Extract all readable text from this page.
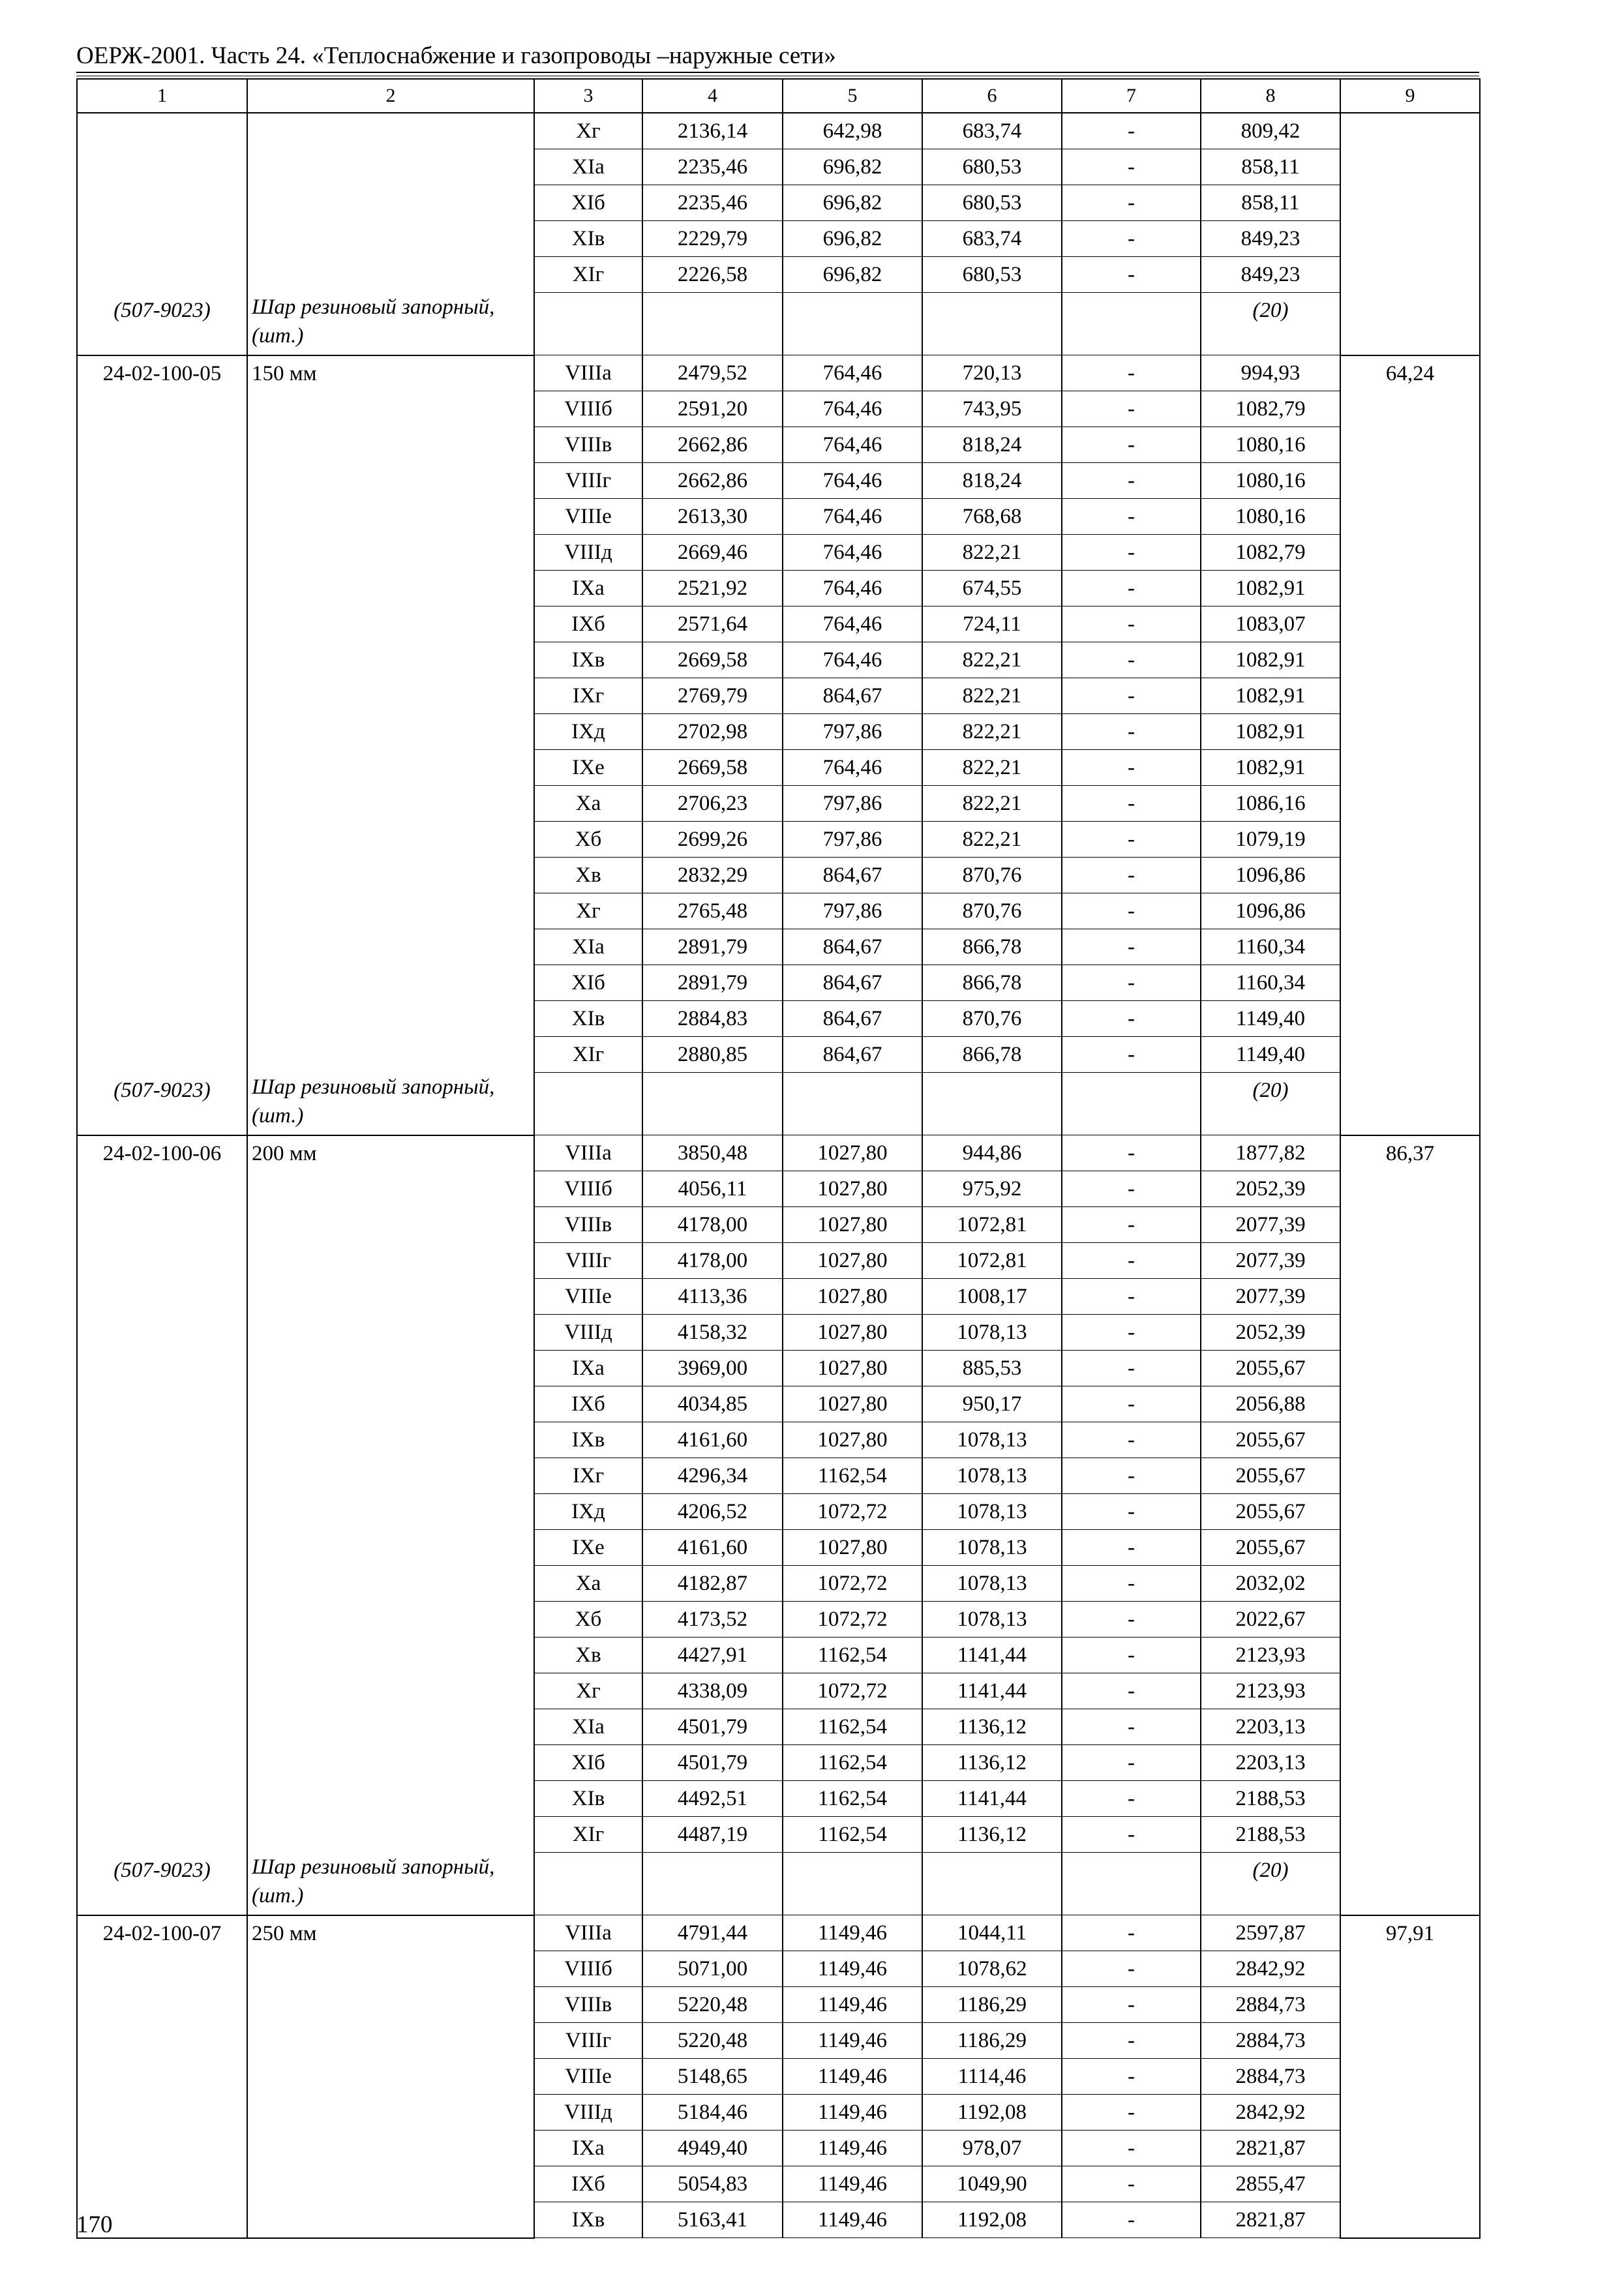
ОЕРЖ-2001. Часть 24. «Теплоснабжение и газопроводы –наружные сети»
1	2	3	4	5	6	7	8	9
		Хг	2136,14	642,98	683,74	-	809,42	
		ХIа	2235,46	696,82	680,53	-	858,11	
		ХIб	2235,46	696,82	680,53	-	858,11	
		ХIв	2229,79	696,82	683,74	-	849,23	
		ХIг	2226,58	696,82	680,53	-	849,23	
(507-9023)	Шар резиновый запорный, (шт.)						(20)	
24-02-100-05	150 мм	VIIIа	2479,52	764,46	720,13	-	994,93	64,24
		VIIIб	2591,20	764,46	743,95	-	1082,79	
		VIIIв	2662,86	764,46	818,24	-	1080,16	
		VIIIг	2662,86	764,46	818,24	-	1080,16	
		VIIIе	2613,30	764,46	768,68	-	1080,16	
		VIIIд	2669,46	764,46	822,21	-	1082,79	
		IХа	2521,92	764,46	674,55	-	1082,91	
		IХб	2571,64	764,46	724,11	-	1083,07	
		IХв	2669,58	764,46	822,21	-	1082,91	
		IХг	2769,79	864,67	822,21	-	1082,91	
		IХд	2702,98	797,86	822,21	-	1082,91	
		IХе	2669,58	764,46	822,21	-	1082,91	
		Ха	2706,23	797,86	822,21	-	1086,16	
		Хб	2699,26	797,86	822,21	-	1079,19	
		Хв	2832,29	864,67	870,76	-	1096,86	
		Хг	2765,48	797,86	870,76	-	1096,86	
		ХIа	2891,79	864,67	866,78	-	1160,34	
		ХIб	2891,79	864,67	866,78	-	1160,34	
		ХIв	2884,83	864,67	870,76	-	1149,40	
		ХIг	2880,85	864,67	866,78	-	1149,40	
(507-9023)	Шар резиновый запорный, (шт.)						(20)	
24-02-100-06	200 мм	VIIIа	3850,48	1027,80	944,86	-	1877,82	86,37
		VIIIб	4056,11	1027,80	975,92	-	2052,39	
		VIIIв	4178,00	1027,80	1072,81	-	2077,39	
		VIIIг	4178,00	1027,80	1072,81	-	2077,39	
		VIIIе	4113,36	1027,80	1008,17	-	2077,39	
		VIIIд	4158,32	1027,80	1078,13	-	2052,39	
		IХа	3969,00	1027,80	885,53	-	2055,67	
		IХб	4034,85	1027,80	950,17	-	2056,88	
		IХв	4161,60	1027,80	1078,13	-	2055,67	
		IХг	4296,34	1162,54	1078,13	-	2055,67	
		IХд	4206,52	1072,72	1078,13	-	2055,67	
		IХе	4161,60	1027,80	1078,13	-	2055,67	
		Ха	4182,87	1072,72	1078,13	-	2032,02	
		Хб	4173,52	1072,72	1078,13	-	2022,67	
		Хв	4427,91	1162,54	1141,44	-	2123,93	
		Хг	4338,09	1072,72	1141,44	-	2123,93	
		ХIа	4501,79	1162,54	1136,12	-	2203,13	
		ХIб	4501,79	1162,54	1136,12	-	2203,13	
		ХIв	4492,51	1162,54	1141,44	-	2188,53	
		ХIг	4487,19	1162,54	1136,12	-	2188,53	
(507-9023)	Шар резиновый запорный, (шт.)						(20)	
24-02-100-07	250 мм	VIIIа	4791,44	1149,46	1044,11	-	2597,87	97,91
		VIIIб	5071,00	1149,46	1078,62	-	2842,92	
		VIIIв	5220,48	1149,46	1186,29	-	2884,73	
		VIIIг	5220,48	1149,46	1186,29	-	2884,73	
		VIIIе	5148,65	1149,46	1114,46	-	2884,73	
		VIIIд	5184,46	1149,46	1192,08	-	2842,92	
		IХа	4949,40	1149,46	978,07	-	2821,87	
		IХб	5054,83	1149,46	1049,90	-	2855,47	
		IХв	5163,41	1149,46	1192,08	-	2821,87	
170
